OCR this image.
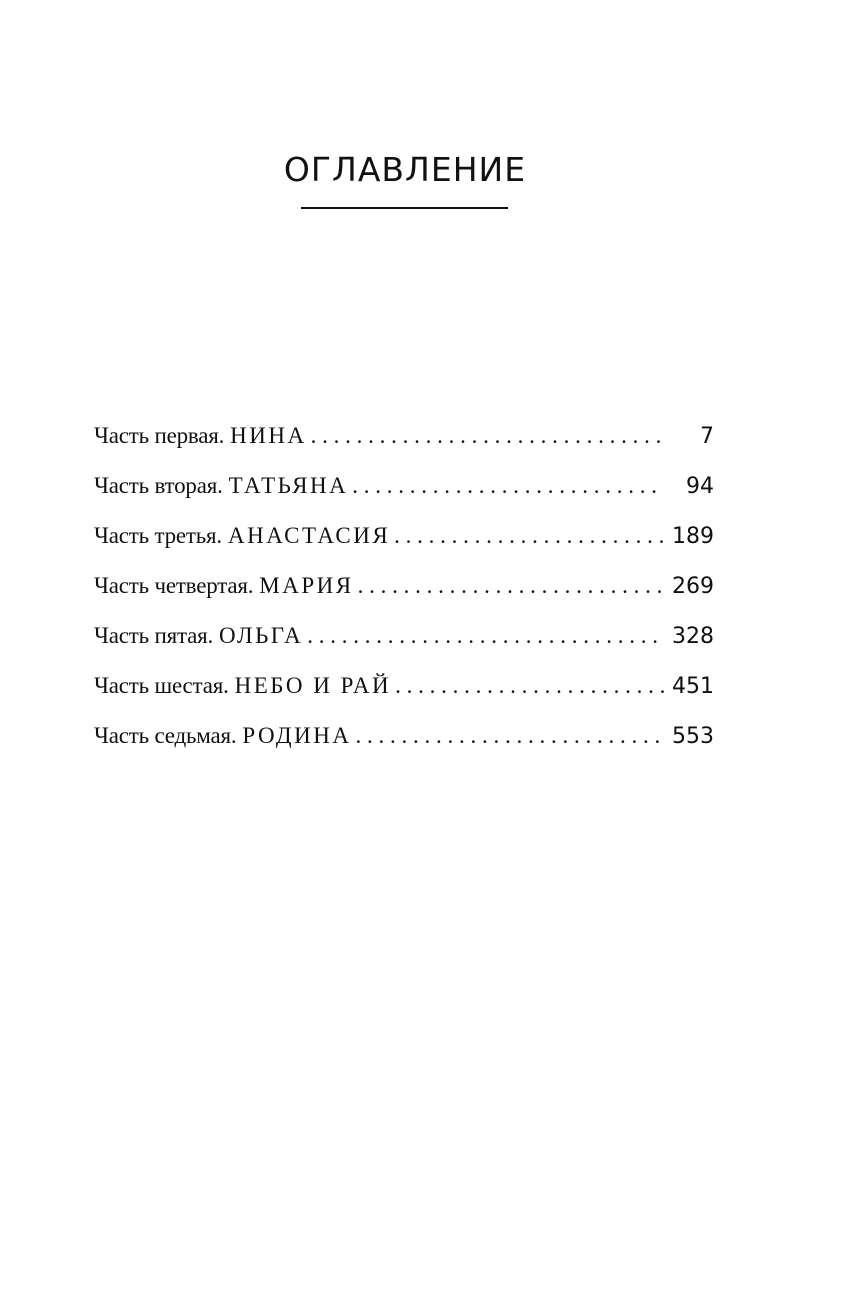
ОГЛАВЛЕНИЕ
Часть первая. НИНА . . .	7
Часть вторая. ТАТЬЯНА . . .	94
Часть третья. АНАСТАСИЯ . . .	189
Часть четвертая. МАРИЯ . . .	269
Часть пятая. ОЛЬГА . . .	328
Часть шестая. НЕБО И РАЙ . . .	451
Часть седьмая. РОДИНА . . .	553
